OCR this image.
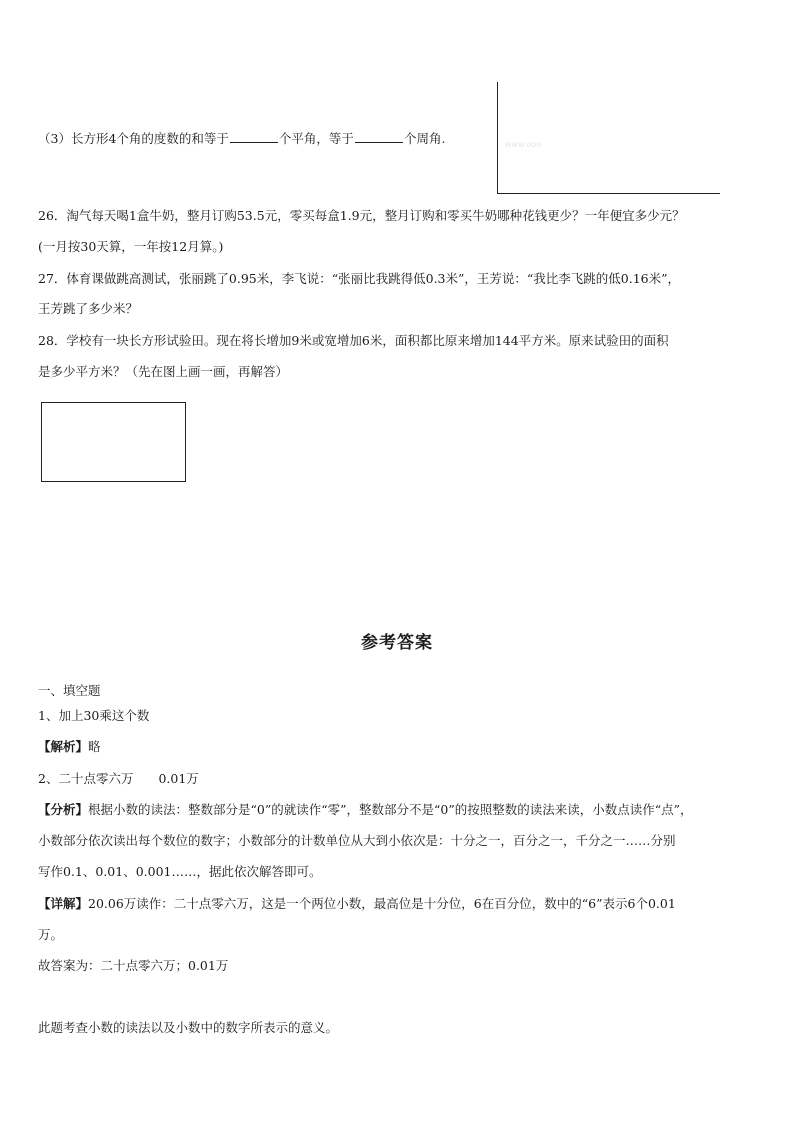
（3）长方形4个角的度数的和等于	个平角，等于	个周角.	www.ooo

26．淘气每天喝1盒牛奶，整月订购53.5元，零买每盒1.9元，整月订购和零买牛奶哪种花钱更少？一年便宜多少元？

(一月按30天算，一年按12月算。)

27．体育课做跳高测试，张丽跳了0.95米，李飞说：“张丽比我跳得低0.3米”，王芳说：“我比李飞跳的低0.16米”，

王芳跳了多少米？

28．学校有一块长方形试验田。现在将长增加9米或宽增加6米，面积都比原来增加144平方米。原来试验田的面积

是多少平方米？（先在图上画一画，再解答）

参考答案

一、填空题

1、加上30乘这个数

【解析】略

2、二十点零六万　　0.01万

【分析】根据小数的读法：整数部分是“0”的就读作“零”，整数部分不是“0”的按照整数的读法来读，小数点读作“点”，

小数部分依次读出每个数位的数字；小数部分的计数单位从大到小依次是：十分之一，百分之一，千分之一……分别

写作0.1、0.01、0.001……，据此依次解答即可。

【详解】20.06万读作：二十点零六万，这是一个两位小数，最高位是十分位，6在百分位，数中的“6”表示6个0.01

万。

故答案为：二十点零六万；0.01万

此题考查小数的读法以及小数中的数字所表示的意义。
